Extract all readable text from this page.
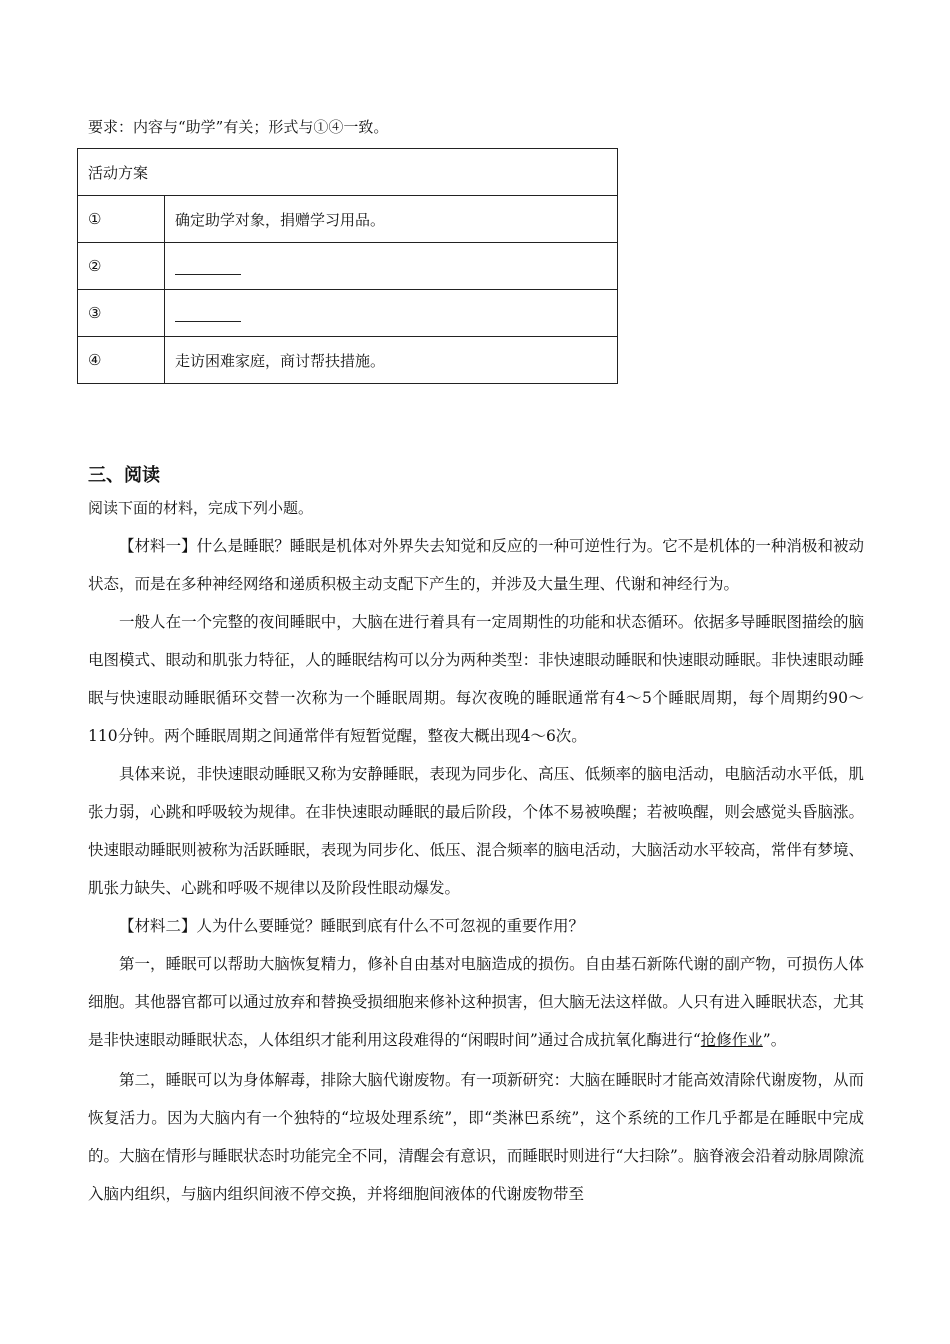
要求：内容与“助学”有关；形式与①④一致。
活动方案	
①	确定助学对象，捐赠学习用品。
②	
③	
④	走访困难家庭，商讨帮扶措施。
三、阅读
阅读下面的材料，完成下列小题。

【材料一】什么是睡眠？睡眠是机体对外界失去知觉和反应的一种可逆性行为。它不是机体的一种消极和被动状态，而是在多种神经网络和递质积极主动支配下产生的，并涉及大量生理、代谢和神经行为。

一般人在一个完整的夜间睡眠中，大脑在进行着具有一定周期性的功能和状态循环。依据多导睡眠图描绘的脑电图模式、眼动和肌张力特征，人的睡眠结构可以分为两种类型：非快速眼动睡眠和快速眼动睡眠。非快速眼动睡眠与快速眼动睡眠循环交替一次称为一个睡眠周期。每次夜晚的睡眠通常有4～5个睡眠周期，每个周期约90～110分钟。两个睡眠周期之间通常伴有短暂觉醒，整夜大概出现4～6次。

具体来说，非快速眼动睡眠又称为安静睡眠，表现为同步化、高压、低频率的脑电活动，电脑活动水平低，肌张力弱，心跳和呼吸较为规律。在非快速眼动睡眠的最后阶段，个体不易被唤醒；若被唤醒，则会感觉头昏脑涨。快速眼动睡眠则被称为活跃睡眠，表现为同步化、低压、混合频率的脑电活动，大脑活动水平较高，常伴有梦境、肌张力缺失、心跳和呼吸不规律以及阶段性眼动爆发。

【材料二】人为什么要睡觉？睡眠到底有什么不可忽视的重要作用？

第一，睡眠可以帮助大脑恢复精力，修补自由基对电脑造成的损伤。自由基石新陈代谢的副产物，可损伤人体细胞。其他器官都可以通过放弃和替换受损细胞来修补这种损害，但大脑无法这样做。人只有进入睡眠状态，尤其是非快速眼动睡眠状态，人体组织才能利用这段难得的“闲暇时间”通过合成抗氧化酶进行“抢修作业”。

第二，睡眠可以为身体解毒，排除大脑代谢废物。有一项新研究：大脑在睡眠时才能高效清除代谢废物，从而恢复活力。因为大脑内有一个独特的“垃圾处理系统”，即“类淋巴系统”，这个系统的工作几乎都是在睡眠中完成的。大脑在情形与睡眠状态时功能完全不同，清醒会有意识，而睡眠时则进行“大扫除”。脑脊液会沿着动脉周隙流入脑内组织，与脑内组织间液不停交换，并将细胞间液体的代谢废物带至
